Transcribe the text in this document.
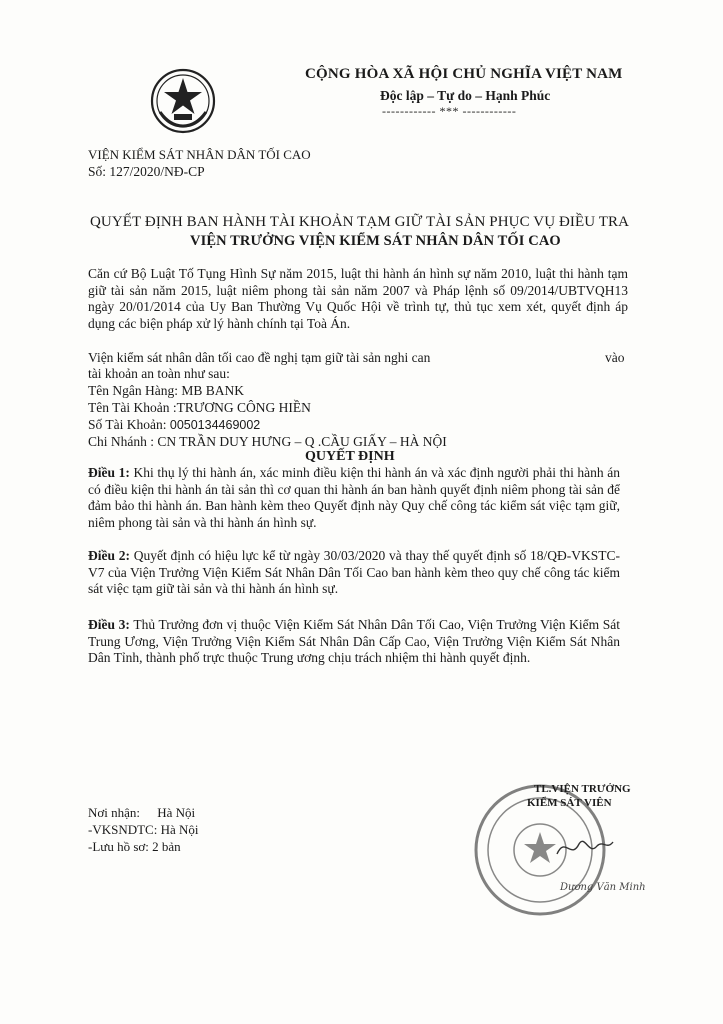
CỘNG HÒA XÃ HỘI CHỦ NGHĨA VIỆT NAM
Độc lập – Tự do – Hạnh Phúc
------------ *** ------------
VIỆN KIỂM SÁT NHÂN DÂN TỐI CAO
Số: 127/2020/NĐ-CP
QUYẾT ĐỊNH BAN HÀNH TÀI KHOẢN TẠM GIỮ TÀI SẢN PHỤC VỤ ĐIỀU TRA
VIỆN TRƯỞNG VIỆN KIỂM SÁT NHÂN DÂN TỐI CAO
Căn cứ Bộ Luật Tố Tụng Hình Sự năm 2015, luật thi hành án hình sự năm 2010, luật thi hành tạm giữ tài sản năm 2015, luật niêm phong tài sản năm 2007 và Pháp lệnh số 09/2014/UBTVQH13 ngày 20/01/2014 của Uy Ban Thường Vụ Quốc Hội về trình tự, thủ tục xem xét, quyết định áp dụng các biện pháp xử lý hành chính tại Toà Án.
Viện kiểm sát nhân dân tối cao đề nghị tạm giữ tài sản nghi can	vào
tài khoản an toàn như sau:
Tên Ngân Hàng: MB BANK
Tên Tài Khoản :TRƯƠNG CÔNG HIỀN
Số Tài Khoản: 0050134469002
Chi Nhánh : CN TRẦN DUY HƯNG – Q .CẦU GIẤY – HÀ NỘI
QUYẾT ĐỊNH
Điều 1: Khi thụ lý thi hành án, xác minh điều kiện thi hành án và xác định người phải thi hành án có điều kiện thi hành án tài sản thì cơ quan thi hành án ban hành quyết định niêm phong tài sản để đảm bảo thi hành án. Ban hành kèm theo Quyết định này Quy chế công tác kiểm sát việc tạm giữ, niêm phong tài sản và thi hành án hình sự.
Điều 2: Quyết định có hiệu lực kể từ ngày 30/03/2020 và thay thế quyết định số 18/QĐ-VKSTC-V7 của Viện Trưởng Viện Kiểm Sát Nhân Dân Tối Cao ban hành kèm theo quy chế công tác kiểm sát việc tạm giữ tài sản và thi hành án hình sự.
Điều 3: Thủ Trưởng đơn vị thuộc Viện Kiểm Sát Nhân Dân Tối Cao, Viện Trưởng Viện Kiểm Sát Trung Ương, Viện Trưởng Viện Kiểm Sát Nhân Dân Cấp Cao, Viện Trưởng Viện Kiểm Sát Nhân Dân Tỉnh, thành phố trực thuộc Trung ương chịu trách nhiệm thi hành quyết định.
TL.VIỆN TRƯỞNG
KIỂM SÁT VIÊN
Dương Văn Minh
Nơi nhận: Hà Nội
-VKSNDTC: Hà Nội
-Lưu hồ sơ: 2 bản
